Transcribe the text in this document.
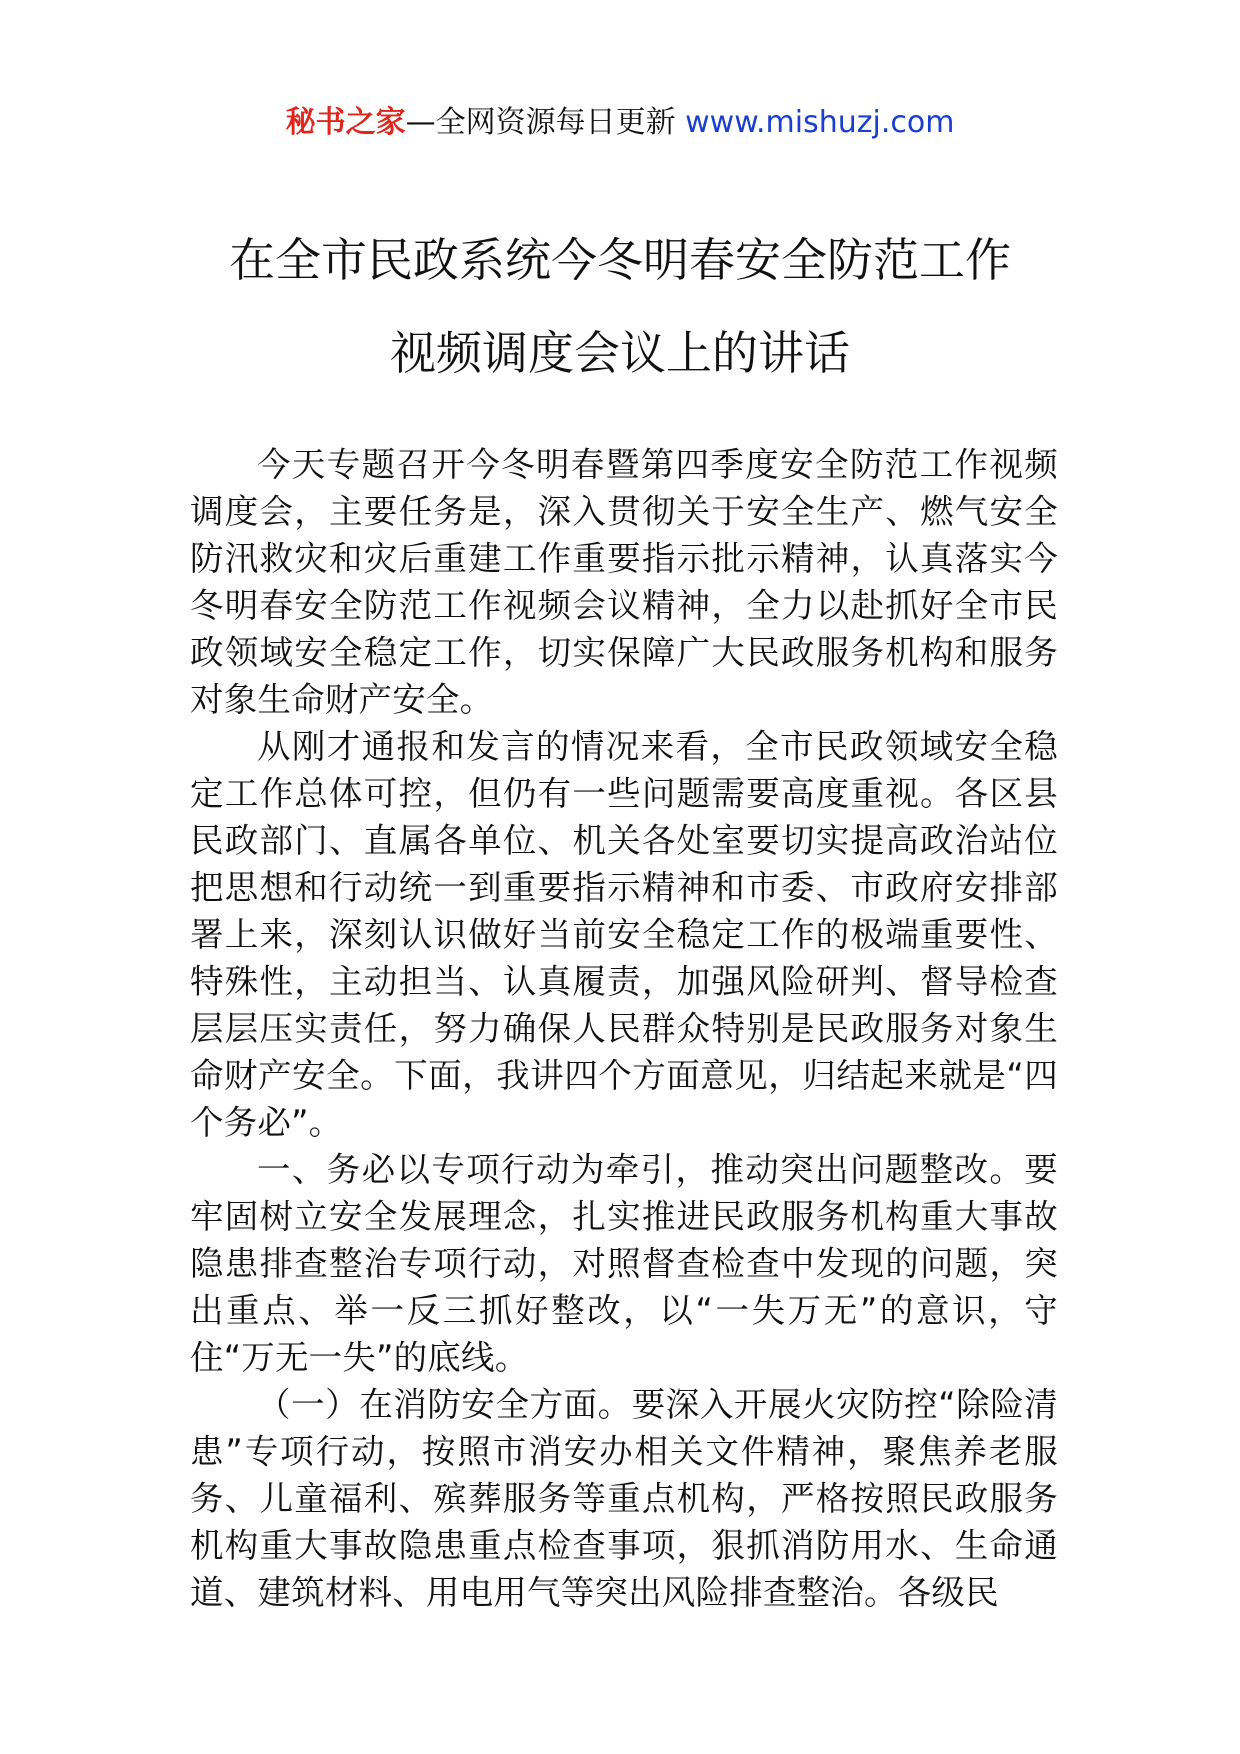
秘书之家—全网资源每日更新 www.mishuzj.com
在全市民政系统今冬明春安全防范工作
视频调度会议上的讲话

今天专题召开今冬明春暨第四季度安全防范工作视频调度会，主要任务是，深入贯彻关于安全生产、燃气安全防汛救灾和灾后重建工作重要指示批示精神，认真落实今冬明春安全防范工作视频会议精神，全力以赴抓好全市民政领域安全稳定工作，切实保障广大民政服务机构和服务对象生命财产安全。

从刚才通报和发言的情况来看，全市民政领域安全稳定工作总体可控，但仍有一些问题需要高度重视。各区县民政部门、直属各单位、机关各处室要切实提高政治站位把思想和行动统一到重要指示精神和市委、市政府安排部署上来，深刻认识做好当前安全稳定工作的极端重要性、特殊性，主动担当、认真履责，加强风险研判、督导检查层层压实责任，努力确保人民群众特别是民政服务对象生命财产安全。下面，我讲四个方面意见，归结起来就是“四个务必”。

一、务必以专项行动为牵引，推动突出问题整改。要牢固树立安全发展理念，扎实推进民政服务机构重大事故隐患排查整治专项行动，对照督查检查中发现的问题，突出重点、举一反三抓好整改，以“一失万无”的意识，守住“万无一失”的底线。

（一）在消防安全方面。要深入开展火灾防控“除险清患”专项行动，按照市消安办相关文件精神，聚焦养老服务、儿童福利、殡葬服务等重点机构，严格按照民政服务机构重大事故隐患重点检查事项，狠抓消防用水、生命通道、建筑材料、用电用气等突出风险排查整治。各级民
